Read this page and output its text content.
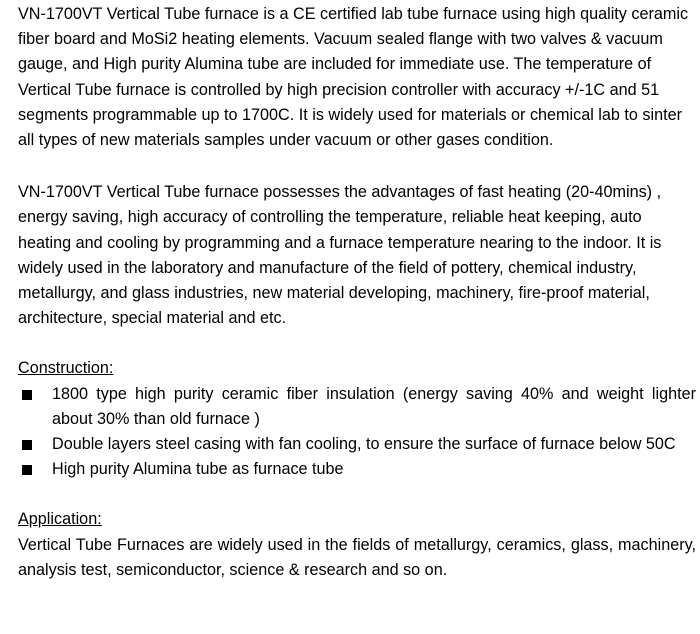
VN-1700VT Vertical Tube furnace is a CE certified lab tube furnace using high quality ceramic fiber board and MoSi2 heating elements. Vacuum sealed flange with two valves & vacuum gauge, and High purity Alumina tube are included for immediate use. The temperature of Vertical Tube furnace is controlled by high precision controller with accuracy +/-1C and 51 segments programmable up to 1700C. It is widely used for materials or chemical lab to sinter all types of new materials samples under vacuum or other gases condition.

VN-1700VT Vertical Tube furnace possesses the advantages of fast heating (20-40mins) , energy saving, high accuracy of controlling the temperature, reliable heat keeping, auto heating and cooling by programming and a furnace temperature nearing to the indoor. It is widely used in the laboratory and manufacture of the field of pottery, chemical industry, metallurgy, and glass industries, new material developing, machinery, fire-proof material, architecture, special material and etc.

Construction:

1800 type high purity ceramic fiber insulation (energy saving 40% and weight lighter about 30% than old furnace )
Double layers steel casing with fan cooling, to ensure the surface of furnace below 50C
High purity Alumina tube as furnace tube

Application:

Vertical Tube Furnaces are widely used in the fields of metallurgy, ceramics, glass, machinery, analysis test, semiconductor, science & research and so on.
